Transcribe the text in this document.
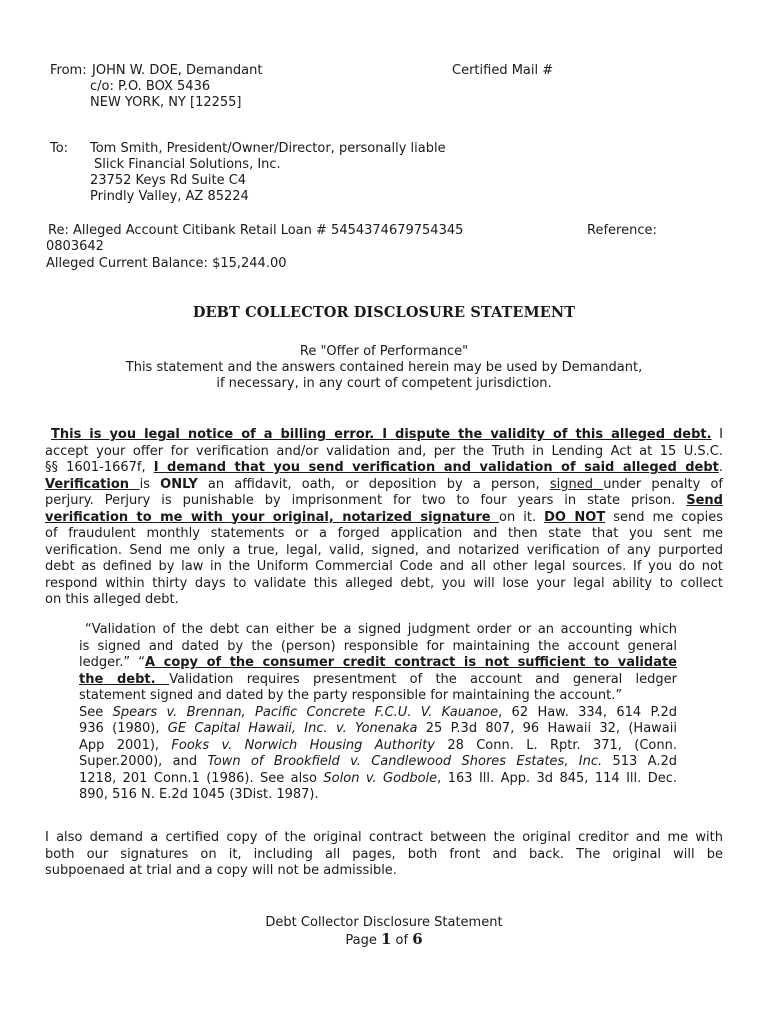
From: JOHN W. DOE, Demandant	Certified Mail #
c/o: P.O. BOX 5436
NEW YORK, NY [12255]
To: Tom Smith, President/Owner/Director, personally liable
Slick Financial Solutions, Inc.
23752 Keys Rd Suite C4
Prindly Valley, AZ 85224
Re: Alleged Account Citibank Retail Loan # 5454374679754345	Reference:
0803642
Alleged Current Balance: $15,244.00
DEBT COLLECTOR DISCLOSURE STATEMENT
Re "Offer of Performance"
This statement and the answers contained herein may be used by Demandant,
if necessary, in any court of competent jurisdiction.
This is you legal notice of a billing error. I dispute the validity of this alleged debt. I
accept your offer for verification and/or validation and, per the Truth in Lending Act at 15 U.S.C.
§§ 1601-1667f, I demand that you send verification and validation of said alleged debt.
Verification is ONLY an affidavit, oath, or deposition by a person, signed under penalty of
perjury. Perjury is punishable by imprisonment for two to four years in state prison. Send
verification to me with your original, notarized signature on it. DO NOT send me copies
of fraudulent monthly statements or a forged application and then state that you sent me
verification. Send me only a true, legal, valid, signed, and notarized verification of any purported
debt as defined by law in the Uniform Commercial Code and all other legal sources. If you do not
respond within thirty days to validate this alleged debt, you will lose your legal ability to collect
on this alleged debt.
“Validation of the debt can either be a signed judgment order or an accounting which
is signed and dated by the (person) responsible for maintaining the account general
ledger.” “A copy of the consumer credit contract is not sufficient to validate
the debt. Validation requires presentment of the account and general ledger
statement signed and dated by the party responsible for maintaining the account.”
See Spears v. Brennan, Pacific Concrete F.C.U. V. Kauanoe, 62 Haw. 334, 614 P.2d
936 (1980), GE Capital Hawaii, Inc. v. Yonenaka 25 P.3d 807, 96 Hawaii 32, (Hawaii
App 2001), Fooks v. Norwich Housing Authority 28 Conn. L. Rptr. 371, (Conn.
Super.2000), and Town of Brookfield v. Candlewood Shores Estates, Inc. 513 A.2d
1218, 201 Conn.1 (1986). See also Solon v. Godbole, 163 Ill. App. 3d 845, 114 Ill. Dec.
890, 516 N. E.2d 1045 (3Dist. 1987).
I also demand a certified copy of the original contract between the original creditor and me with
both our signatures on it, including all pages, both front and back. The original will be
subpoenaed at trial and a copy will not be admissible.
Debt Collector Disclosure Statement
Page 1 of 6
